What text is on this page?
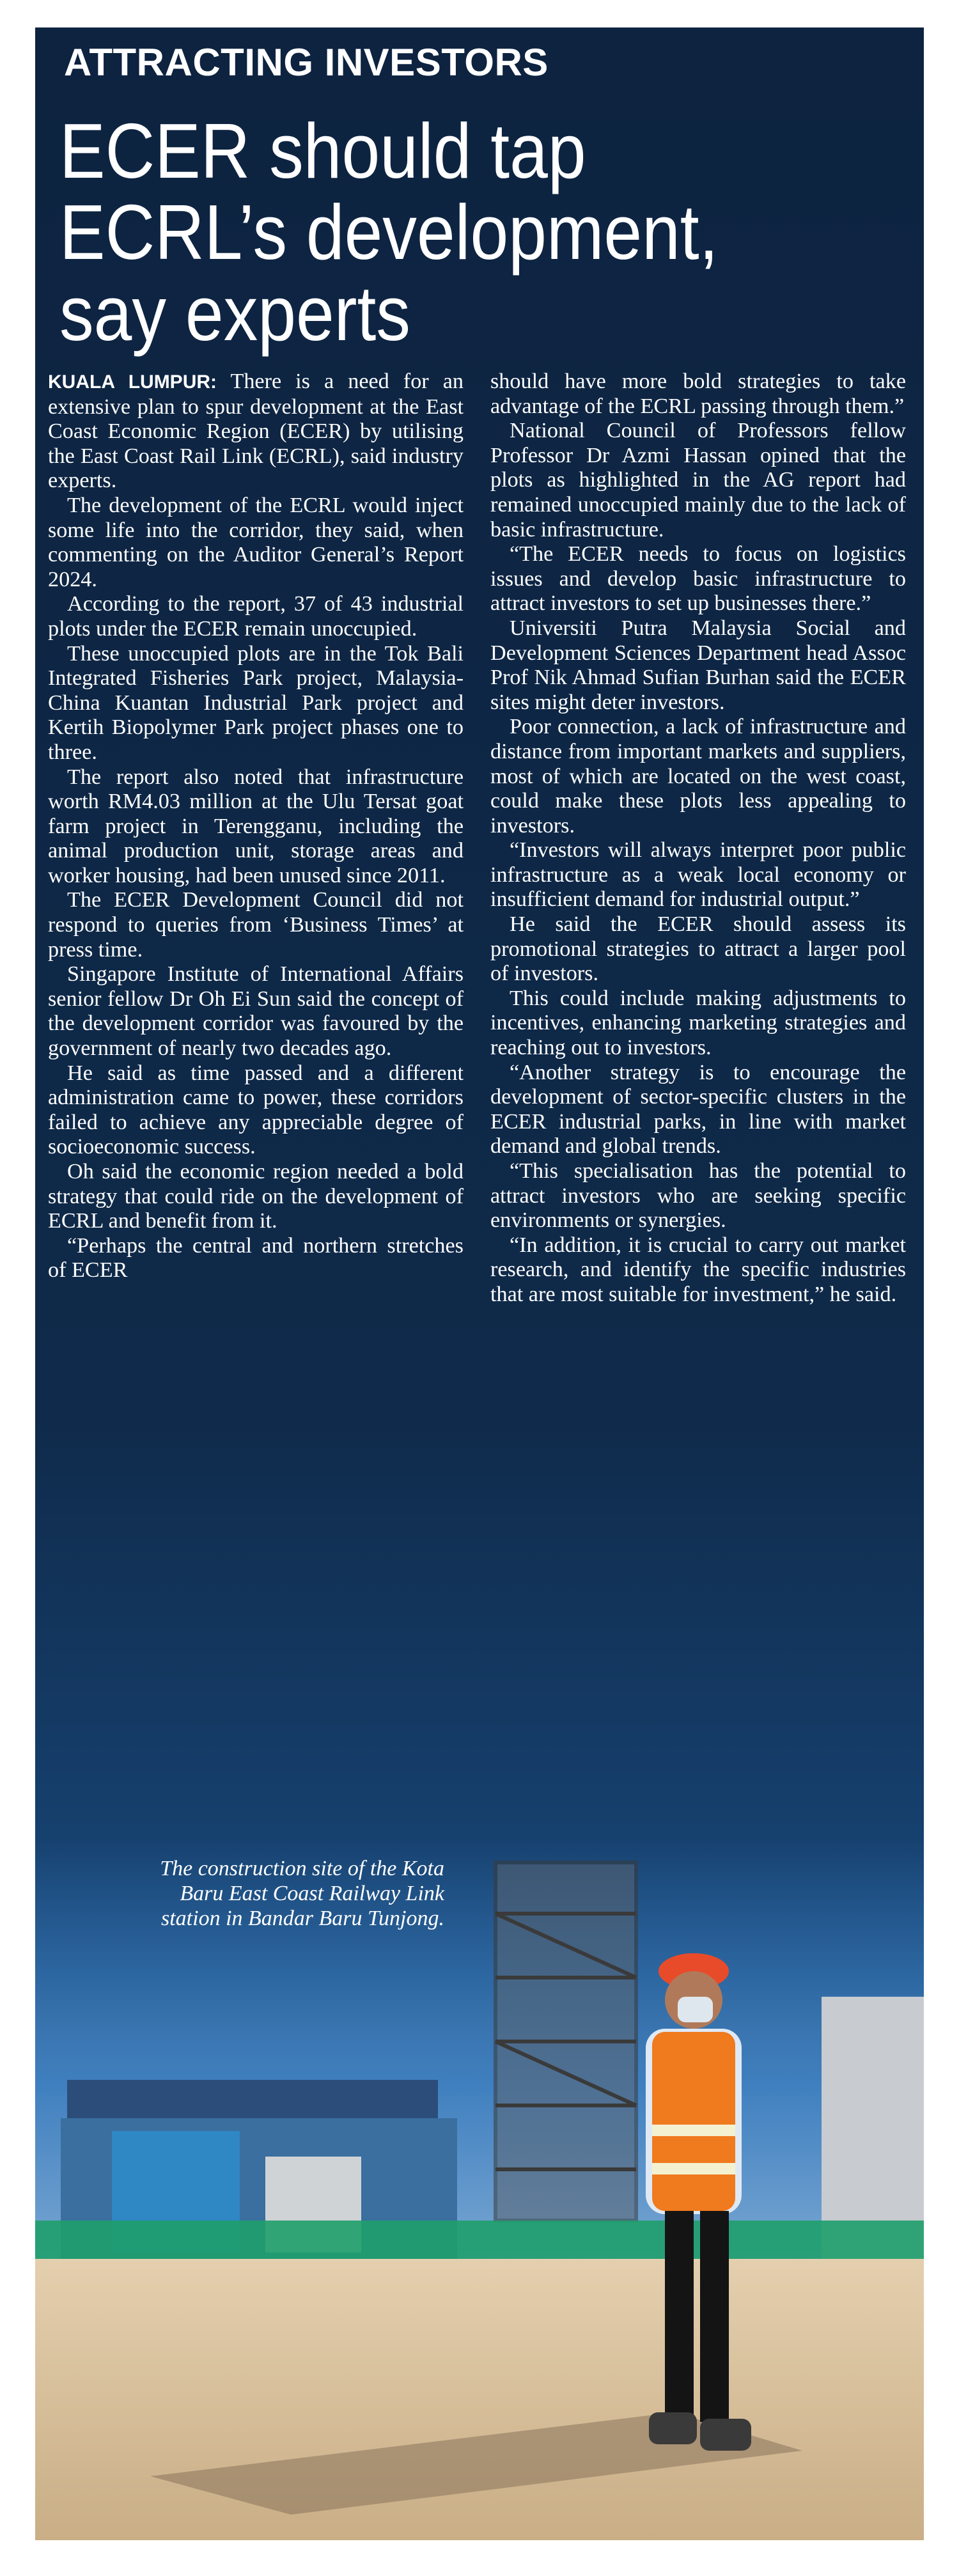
ATTRACTING INVESTORS
ECER should tap ECRL’s development, say experts

KUALA LUMPUR: There is a need for an extensive plan to spur development at the East Coast Economic Region (ECER) by utilising the East Coast Rail Link (ECRL), said industry experts.

The development of the ECRL would inject some life into the corridor, they said, when commenting on the Auditor General’s Report 2024.

According to the report, 37 of 43 industrial plots under the ECER remain unoccupied.

These unoccupied plots are in the Tok Bali Integrated Fisheries Park project, Malaysia-China Kuantan Industrial Park project and Kertih Biopolymer Park project phases one to three.

The report also noted that infrastructure worth RM4.03 million at the Ulu Tersat goat farm project in Terengganu, including the animal production unit, storage areas and worker housing, had been unused since 2011.

The ECER Development Council did not respond to queries from ‘Business Times’ at press time.

Singapore Institute of International Affairs senior fellow Dr Oh Ei Sun said the concept of the development corridor was favoured by the government of nearly two decades ago.

He said as time passed and a different administration came to power, these corridors failed to achieve any appreciable degree of socioeconomic success.

Oh said the economic region needed a bold strategy that could ride on the development of ECRL and benefit from it.

“Perhaps the central and northern stretches of ECER

should have more bold strategies to take advantage of the ECRL passing through them.”

National Council of Professors fellow Professor Dr Azmi Hassan opined that the plots as highlighted in the AG report had remained unoccupied mainly due to the lack of basic infrastructure.

“The ECER needs to focus on logistics issues and develop basic infrastructure to attract investors to set up businesses there.”

Universiti Putra Malaysia Social and Development Sciences Department head Assoc Prof Nik Ahmad Sufian Burhan said the ECER sites might deter investors.

Poor connection, a lack of infrastructure and distance from important markets and suppliers, most of which are located on the west coast, could make these plots less appealing to investors.

“Investors will always interpret poor public infrastructure as a weak local economy or insufficient demand for industrial output.”

He said the ECER should assess its promotional strategies to attract a larger pool of investors.

This could include making adjustments to incentives, enhancing marketing strategies and reaching out to investors.

“Another strategy is to encourage the development of sector-specific clusters in the ECER industrial parks, in line with market demand and global trends.

“This specialisation has the potential to attract investors who are seeking specific environments or synergies.

“In addition, it is crucial to carry out market research, and identify the specific industries that are most suitable for investment,” he said.

The construction site of the Kota Baru East Coast Railway Link station in Bandar Baru Tunjong.
